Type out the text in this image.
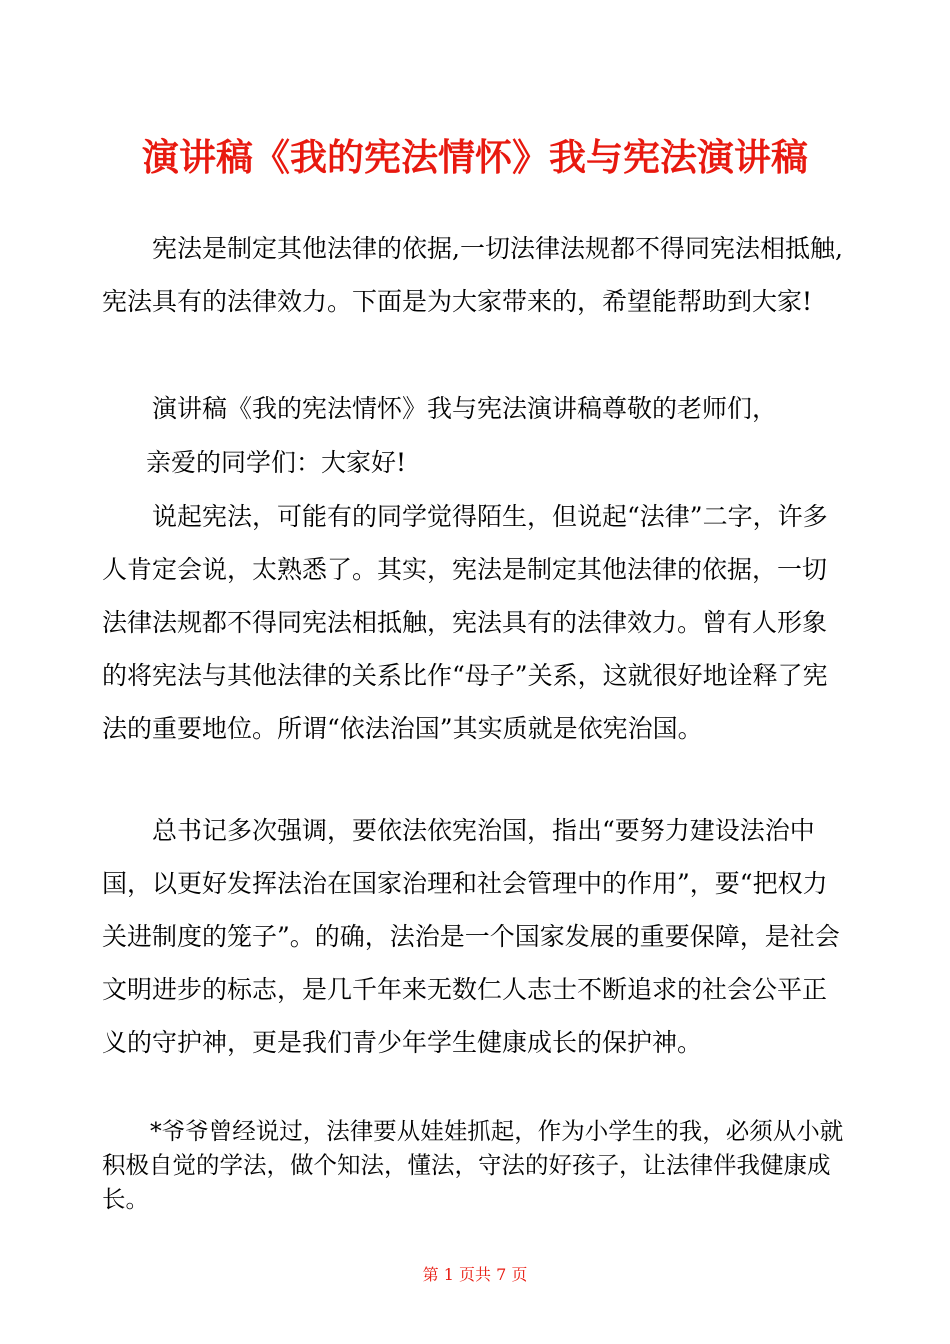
演讲稿《我的宪法情怀》我与宪法演讲稿

宪法是制定其他法律的依据,一切法律法规都不得同宪法相抵触,宪法具有的法律效力。下面是为大家带来的，希望能帮助到大家!

演讲稿《我的宪法情怀》我与宪法演讲稿尊敬的老师们，

亲爱的同学们：大家好!

说起宪法，可能有的同学觉得陌生，但说起“法律”二字，许多人肯定会说，太熟悉了。其实，宪法是制定其他法律的依据，一切法律法规都不得同宪法相抵触，宪法具有的法律效力。曾有人形象的将宪法与其他法律的关系比作“母子”关系，这就很好地诠释了宪法的重要地位。所谓“依法治国”其实质就是依宪治国。

总书记多次强调，要依法依宪治国，指出“要努力建设法治中国，以更好发挥法治在国家治理和社会管理中的作用”，要“把权力关进制度的笼子”。的确，法治是一个国家发展的重要保障，是社会文明进步的标志，是几千年来无数仁人志士不断追求的社会公平正义的守护神，更是我们青少年学生健康成长的保护神。

*爷爷曾经说过，法律要从娃娃抓起，作为小学生的我，必须从小就积极自觉的学法，做个知法，懂法，守法的好孩子，让法律伴我健康成长。

第 1 页共 7 页
